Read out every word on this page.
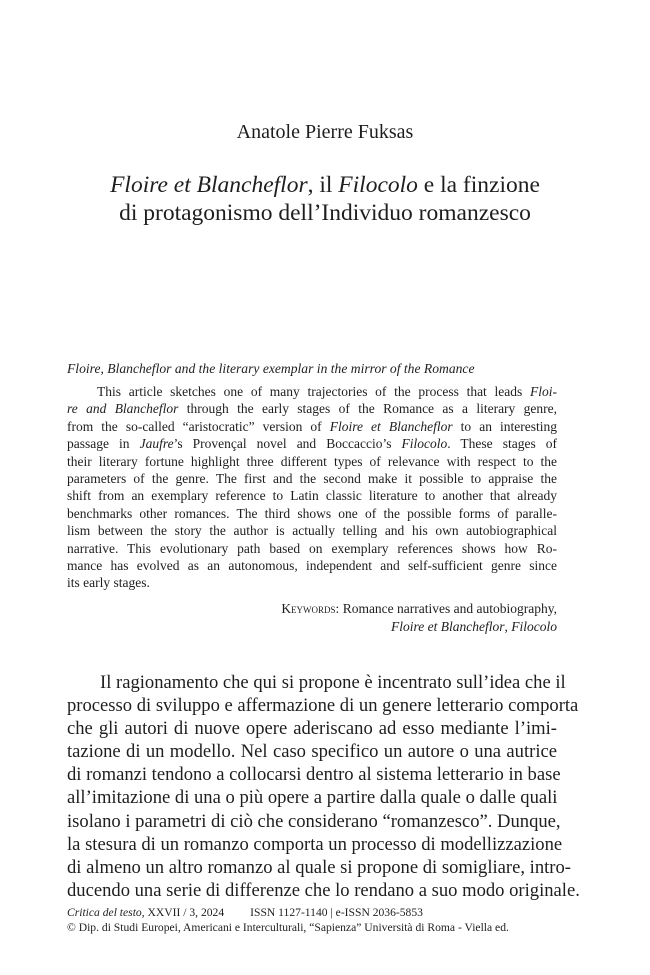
Anatole Pierre Fuksas
Floire et Blancheflor, il Filocolo e la finzione
di protagonismo dell’Individuo romanzesco
Floire, Blancheflor and the literary exemplar in the mirror of the Romance
This article sketches one of many trajectories of the process that leads Floi-
re and Blancheflor through the early stages of the Romance as a literary genre,
from the so-called “aristocratic” version of Floire et Blancheflor to an interesting
passage in Jaufre’s Provençal novel and Boccaccio’s Filocolo. These stages of
their literary fortune highlight three different types of relevance with respect to the
parameters of the genre. The first and the second make it possible to appraise the
shift from an exemplary reference to Latin classic literature to another that already
benchmarks other romances. The third shows one of the possible forms of paralle-
lism between the story the author is actually telling and his own autobiographical
narrative. This evolutionary path based on exemplary references shows how Ro-
mance has evolved as an autonomous, independent and self-sufficient genre since
its early stages.
Keywords: Romance narratives and autobiography,
Floire et Blancheflor, Filocolo
Il ragionamento che qui si propone è incentrato sull’idea che il
processo di sviluppo e affermazione di un genere letterario comporta
che gli autori di nuove opere aderiscano ad esso mediante l’imi-
tazione di un modello. Nel caso specifico un autore o una autrice
di romanzi tendono a collocarsi dentro al sistema letterario in base
all’imitazione di una o più opere a partire dalla quale o dalle quali
isolano i parametri di ciò che considerano “romanzesco”. Dunque,
la stesura di un romanzo comporta un processo di modellizzazione
di almeno un altro romanzo al quale si propone di somigliare, intro-
ducendo una serie di differenze che lo rendano a suo modo originale.
Critica del testo, XXVII / 3, 2024 ISSN 1127-1140 | e-ISSN 2036-5853
© Dip. di Studi Europei, Americani e Interculturali, “Sapienza” Università di Roma - Viella ed.
